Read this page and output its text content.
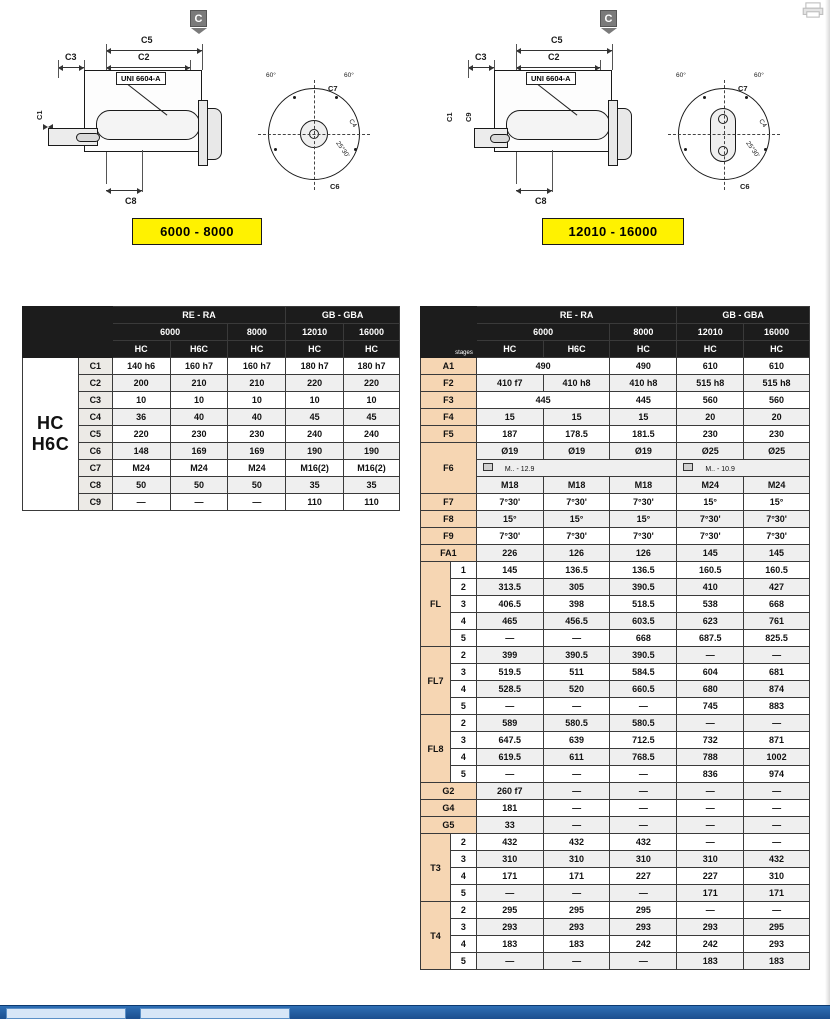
C
C5
C2
C3
C1
UNI 6604-A
C8
60°	60°
C7
C4
25°30'
C6
6000 - 8000
C
C5
C2
C3
C1 C9
UNI 6604-A
C8
60°	60°
C7
C4
25°30'
C6
12010 - 16000
		RE - RA			GB - GBA	
		6000		8000	12010	16000
		HC	H6C	HC	HC	HC

HC
H6C	C1	140 h6	160 h7	160 h7	180 h7	180 h7
	C2	200	210	210	220	220
	C3	10	10	10	10	10
	C4	36	40	40	45	45
	C5	220	230	230	240	240
	C6	148	169	169	190	190
	C7	M24	M24	M24	M16(2)	M16(2)
	C8	50	50	50	35	35
	C9	—	—	—	110	110
stages		RE - RA			GB - GBA	
		6000		8000	12010	16000
		HC	H6C	HC	HC	HC
A1		490		490	610	610
F2		410 f7	410 h8	410 h8	515 h8	515 h8
F3		445		445	560	560
F4		15	15	15	20	20
F5		187	178.5	181.5	230	230
F6		Ø19	Ø19	Ø19	Ø25	Ø25

M.. - 12.9			M.. - 10.9	
		M18	M18	M18	M24	M24
F7		7°30'	7°30'	7°30'	15°	15°
F8		15°	15°	15°	7°30'	7°30'
F9		7°30'	7°30'	7°30'	7°30'	7°30'
FA1		226	126	126	145	145
FL	1	145	136.5	136.5	160.5	160.5
	2	313.5	305	390.5	410	427
	3	406.5	398	518.5	538	668
	4	465	456.5	603.5	623	761
	5	—	—	668	687.5	825.5
FL7	2	399	390.5	390.5	—	—
	3	519.5	511	584.5	604	681
	4	528.5	520	660.5	680	874
	5	—	—	—	745	883
FL8	2	589	580.5	580.5	—	—
	3	647.5	639	712.5	732	871
	4	619.5	611	768.5	788	1002
	5	—	—	—	836	974
G2		260 f7	—	—	—	—
G4		181	—	—	—	—
G5		33	—	—	—	—
T3	2	432	432	432	—	—
	3	310	310	310	310	432
	4	171	171	227	227	310
	5	—	—	—	171	171
T4	2	295	295	295	—	—
	3	293	293	293	293	295
	4	183	183	242	242	293
	5	—	—	—	183	183
